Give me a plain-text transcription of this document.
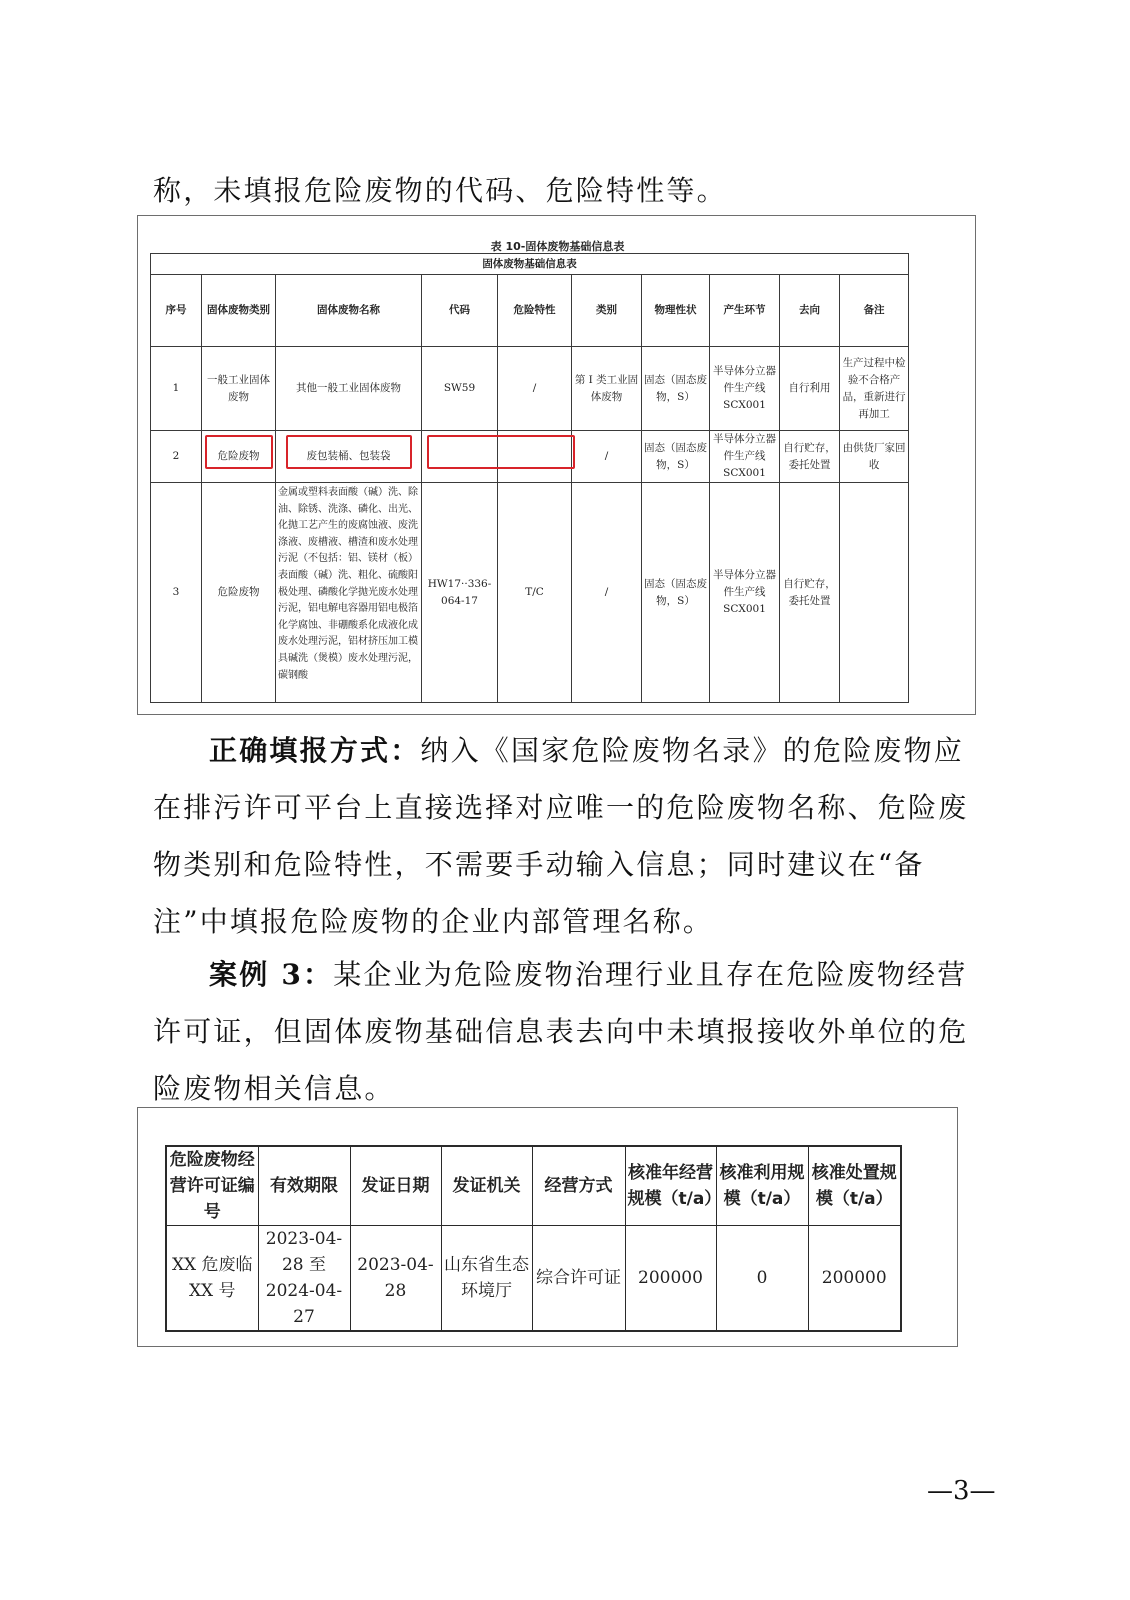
称，未填报危险废物的代码、危险特性等。

表 10-固体废物基础信息表
固体废物基础信息表									
序号	固体废物类别	固体废物名称	代码	危险特性	类别	物理性状	产生环节	去向	备注
1	一般工业固体废物	其他一般工业固体废物	SW59	/	第 I 类工业固体废物	固态（固态废物，S）	半导体分立器件生产线 SCX001	自行利用	生产过程中检验不合格产品，重新进行再加工
2	危险废物	废包装桶、包装袋			/	固态（固态废物，S）	半导体分立器件生产线 SCX001	自行贮存，委托处置	由供货厂家回收
3	危险废物	金属或塑料表面酸（碱）洗、除油、除锈、洗涤、磷化、出光、化抛工艺产生的废腐蚀液、废洗涤液、废槽液、槽渣和废水处理污泥（不包括：铝、镁材（板）表面酸（碱）洗、粗化、硫酸阳极处理、磷酸化学抛光废水处理污泥，铝电解电容器用铝电极箔化学腐蚀、非硼酸系化成液化成废水处理污泥，铝材挤压加工模具碱洗（煲模）废水处理污泥，碳钢酸	HW17··336-064-17	T/C	/	固态（固态废物，S）	半导体分立器件生产线 SCX001	自行贮存，委托处置	

正确填报方式：纳入《国家危险废物名录》的危险废物应在排污许可平台上直接选择对应唯一的危险废物名称、危险废物类别和危险特性，不需要手动输入信息；同时建议在“备注”中填报危险废物的企业内部管理名称。

案例 3：某企业为危险废物治理行业且存在危险废物经营许可证，但固体废物基础信息表去向中未填报接收外单位的危险废物相关信息。

危险废物经营许可证编号	有效期限	发证日期	发证机关	经营方式	核准年经营规模（t/a）	核准利用规模（t/a）	核准处置规模（t/a）
XX 危废临 XX 号	2023-04-28 至 2024-04-27	2023-04-28	山东省生态环境厅	综合许可证	200000	0	200000
—3—
